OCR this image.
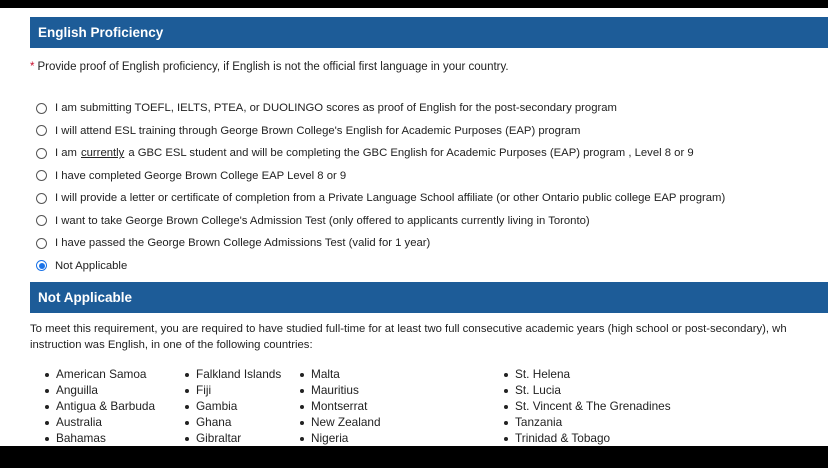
English Proficiency
* Provide proof of English proficiency, if English is not the official first language in your country.
I am submitting TOEFL, IELTS, PTEA, or DUOLINGO scores as proof of English for the post-secondary program
I will attend ESL training through George Brown College's English for Academic Purposes (EAP) program
I am currently a GBC ESL student and will be completing the GBC English for Academic Purposes (EAP) program , Level 8 or 9
I have completed George Brown College EAP Level 8 or 9
I will provide a letter or certificate of completion from a Private Language School affiliate (or other Ontario public college EAP program)
I want to take George Brown College's Admission Test (only offered to applicants currently living in Toronto)
I have passed the George Brown College Admissions Test (valid for 1 year)
Not Applicable
Not Applicable
To meet this requirement, you are required to have studied full-time for at least two full consecutive academic years (high school or post-secondary), wh
instruction was English, in one of the following countries:
American Samoa
Anguilla
Antigua & Barbuda
Australia
Bahamas
Falkland Islands
Fiji
Gambia
Ghana
Gibraltar
Malta
Mauritius
Montserrat
New Zealand
Nigeria
St. Helena
St. Lucia
St. Vincent & The Grenadines
Tanzania
Trinidad & Tobago
